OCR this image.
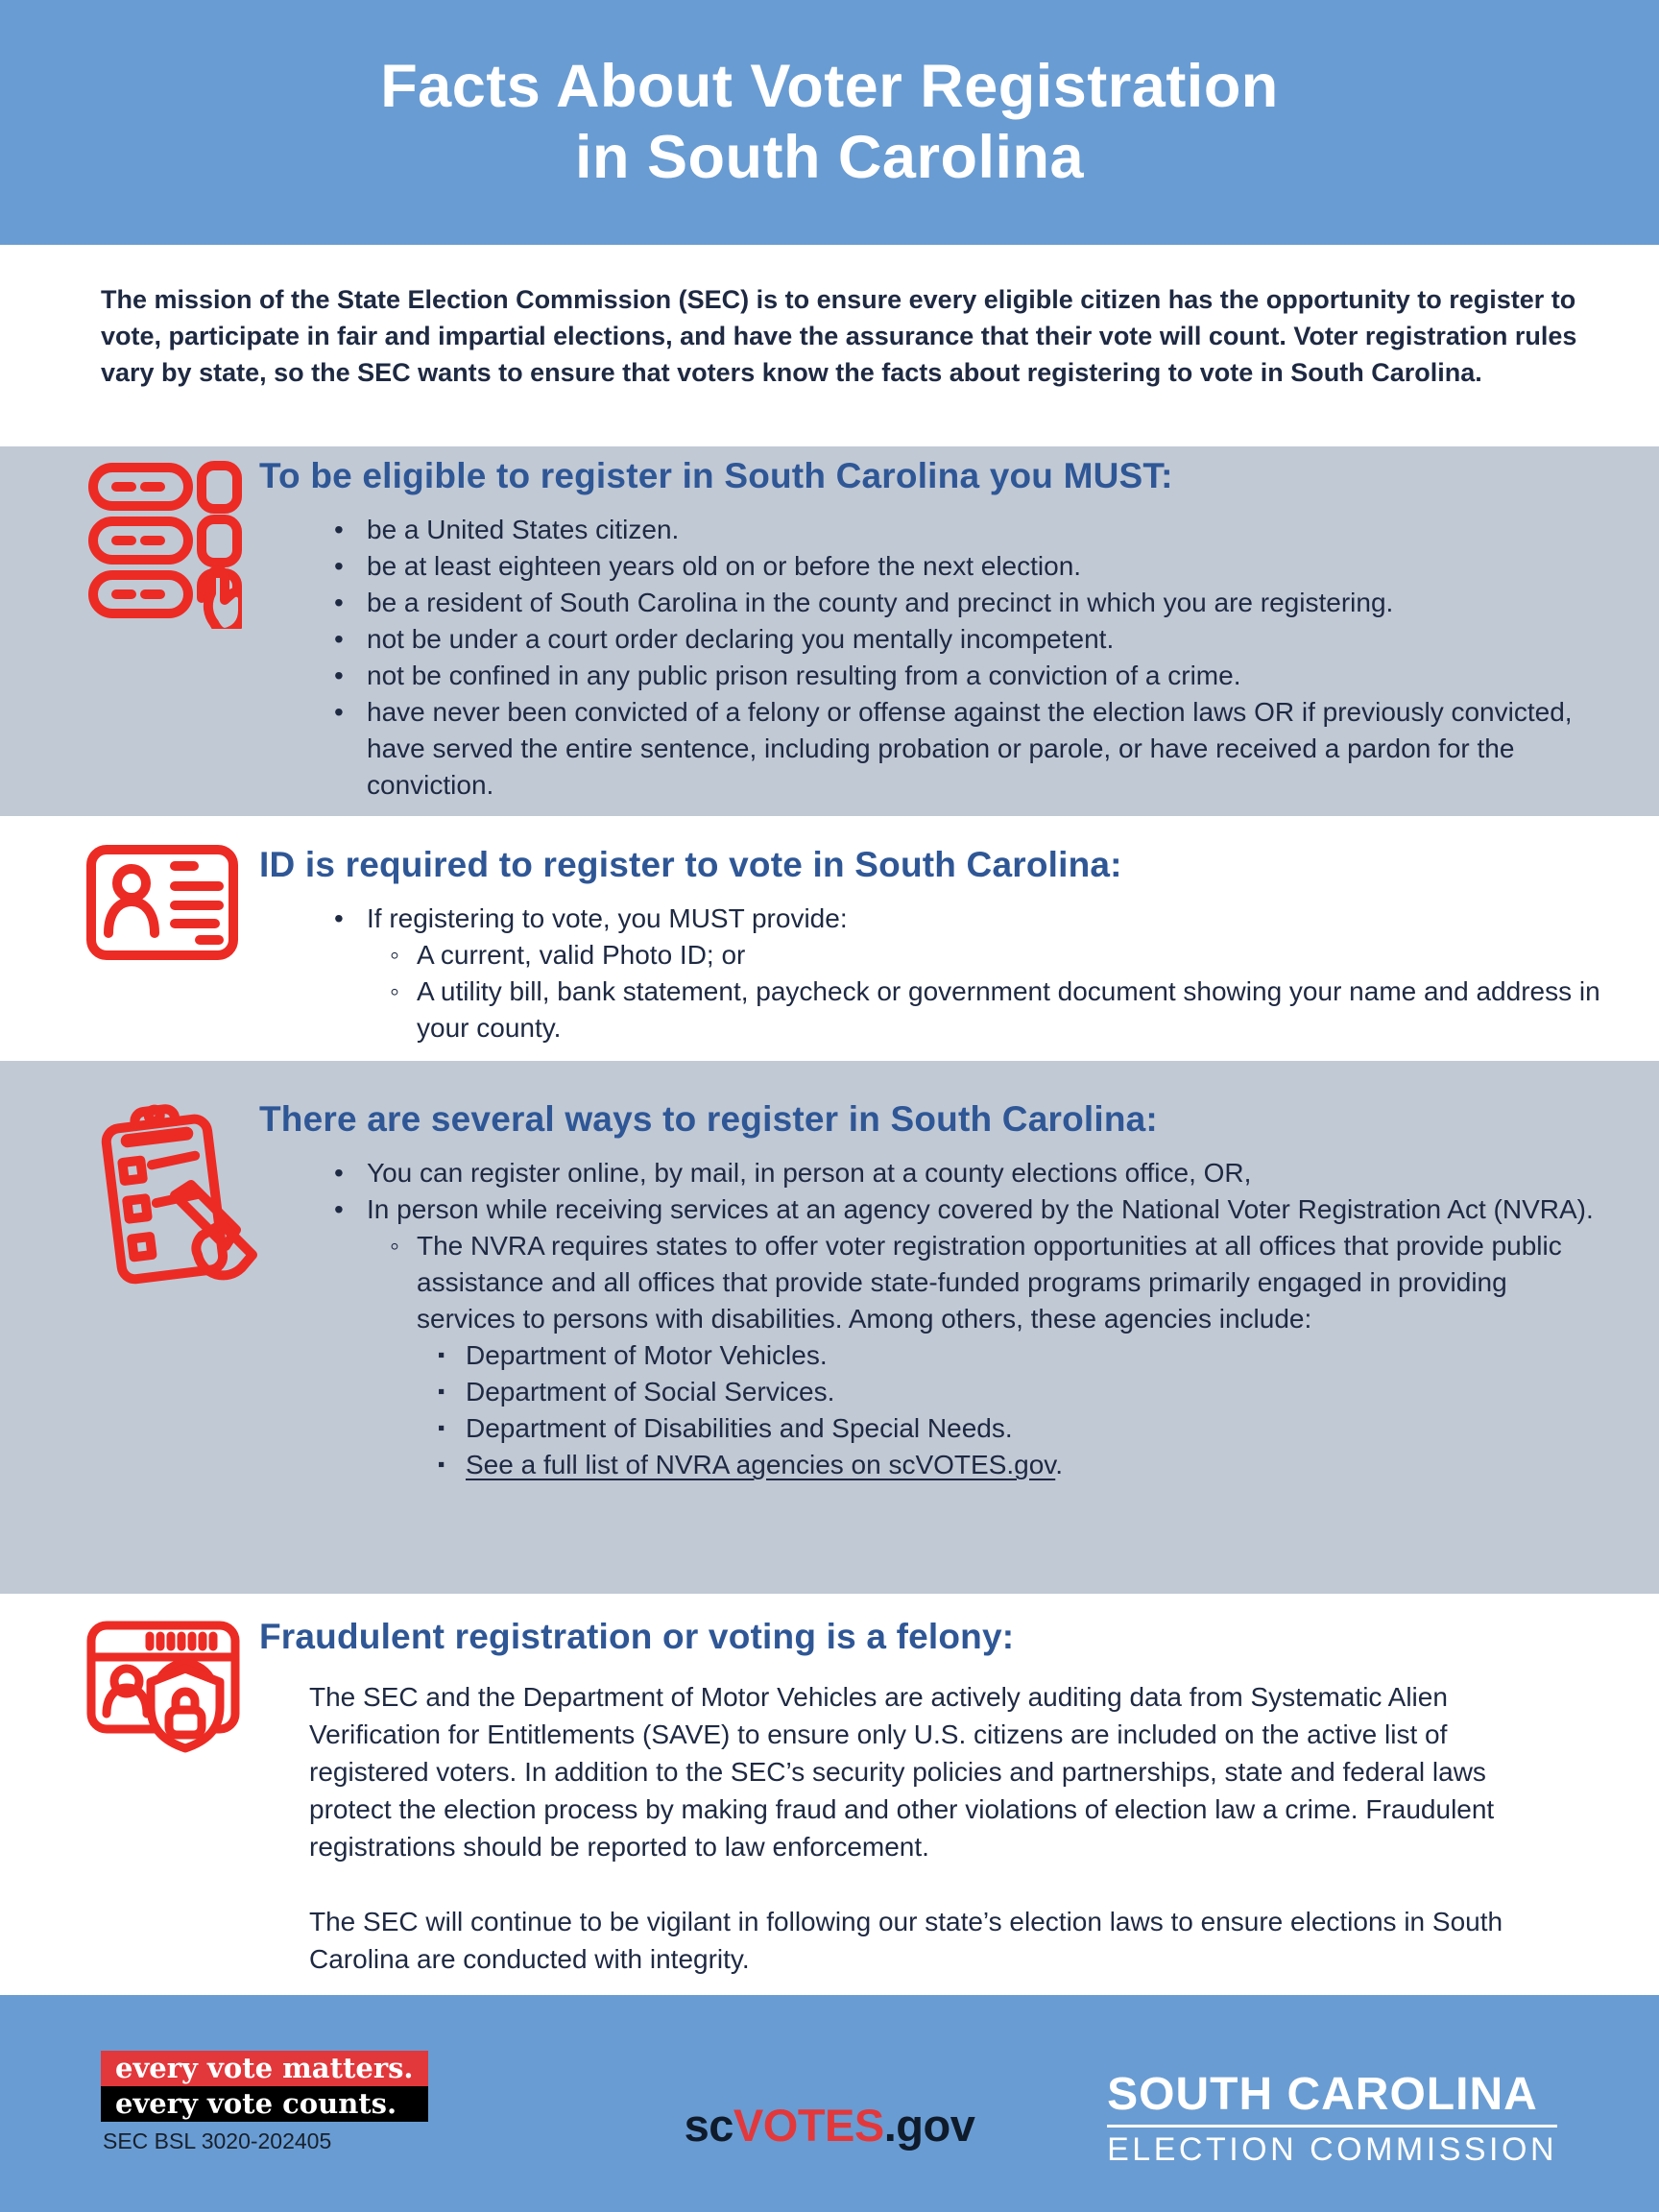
Facts About Voter Registration
in South Carolina

The mission of the State Election Commission (SEC) is to ensure every eligible citizen has the opportunity to register to vote, participate in fair and impartial elections, and have the assurance that their vote will count. Voter registration rules vary by state, so the SEC wants to ensure that voters know the facts about registering to vote in South Carolina.

To be eligible to register in South Carolina you MUST:
• be a United States citizen.
• be at least eighteen years old on or before the next election.
• be a resident of South Carolina in the county and precinct in which you are registering.
• not be under a court order declaring you mentally incompetent.
• not be confined in any public prison resulting from a conviction of a crime.
• have never been convicted of a felony or offense against the election laws OR if previously convicted, have served the entire sentence, including probation or parole, or have received a pardon for the conviction.
ID is required to register to vote in South Carolina:
• If registering to vote, you MUST provide:
◦ A current, valid Photo ID; or
◦ A utility bill, bank statement, paycheck or government document showing your name and address in your county.
There are several ways to register in South Carolina:
• You can register online, by mail, in person at a county elections office, OR,
• In person while receiving services at an agency covered by the National Voter Registration Act (NVRA).
◦ The NVRA requires states to offer voter registration opportunities at all offices that provide public assistance and all offices that provide state-funded programs primarily engaged in providing services to persons with disabilities. Among others, these agencies include:
▪ Department of Motor Vehicles.
▪ Department of Social Services.
▪ Department of Disabilities and Special Needs.
▪ See a full list of NVRA agencies on scVOTES.gov.
Fraudulent registration or voting is a felony:

The SEC and the Department of Motor Vehicles are actively auditing data from Systematic Alien Verification for Entitlements (SAVE) to ensure only U.S. citizens are included on the active list of registered voters. In addition to the SEC’s security policies and partnerships, state and federal laws protect the election process by making fraud and other violations of election law a crime. Fraudulent registrations should be reported to law enforcement.

The SEC will continue to be vigilant in following our state’s election laws to ensure elections in South Carolina are conducted with integrity.

every vote matters.
every vote counts.
SEC BSL 3020-202405	scVOTES.gov
SOUTH CAROLINA
ELECTION COMMISSION
